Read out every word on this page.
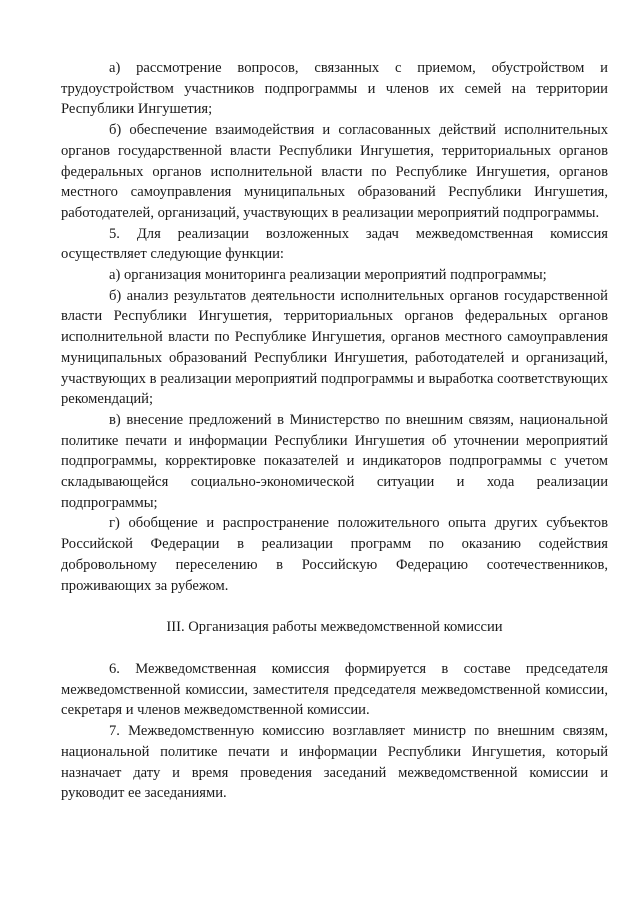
а) рассмотрение вопросов, связанных с приемом, обустройством и трудоустройством участников подпрограммы и членов их семей на территории Республики Ингушетия;

б) обеспечение взаимодействия и согласованных действий исполнительных органов государственной власти Республики Ингушетия, территориальных органов федеральных органов исполнительной власти по Республике Ингушетия, органов местного самоуправления муниципальных образований Республики Ингушетия, работодателей, организаций, участвующих в реализации мероприятий подпрограммы.

5. Для реализации возложенных задач межведомственная комиссия осуществляет следующие функции:

а) организация мониторинга реализации мероприятий подпрограммы;

б) анализ результатов деятельности исполнительных органов государственной власти Республики Ингушетия, территориальных органов федеральных органов исполнительной власти по Республике Ингушетия, органов местного самоуправления муниципальных образований Республики Ингушетия, работодателей и организаций, участвующих в реализации мероприятий подпрограммы и выработка соответствующих рекомендаций;

в) внесение предложений в Министерство по внешним связям, национальной политике печати и информации Республики Ингушетия об уточнении мероприятий подпрограммы, корректировке показателей и индикаторов подпрограммы с учетом складывающейся социально-экономической ситуации и хода реализации подпрограммы;

г) обобщение и распространение положительного опыта других субъектов Российской Федерации в реализации программ по оказанию содействия добровольному переселению в Российскую Федерацию соотечественников, проживающих за рубежом.

III. Организация работы межведомственной комиссии

6. Межведомственная комиссия формируется в составе председателя межведомственной комиссии, заместителя председателя межведомственной комиссии, секретаря и членов межведомственной комиссии.

7. Межведомственную комиссию возглавляет министр по внешним связям, национальной политике печати и информации Республики Ингушетия, который назначает дату и время проведения заседаний межведомственной комиссии и руководит ее заседаниями.
